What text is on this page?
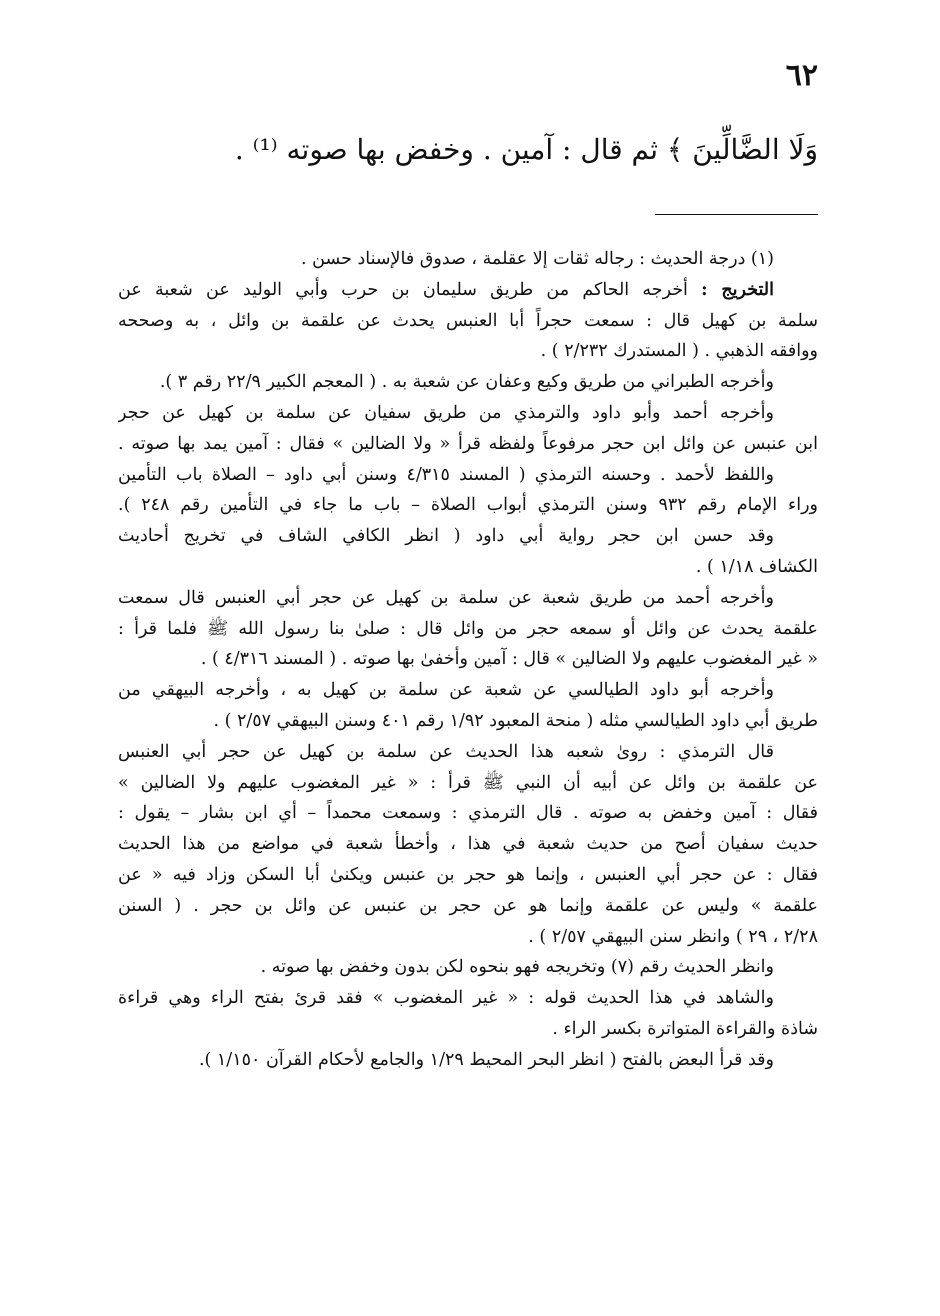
٦٢
وَلَا الضَّالِّينَ ﴾ ثم قال : آمين . وخفض بها صوته ⁽¹⁾ .
(١) درجة الحديث : رجاله ثقات إلا عقلمة ، صدوق فالإسناد حسن .
التخريج : أخرجه الحاكم من طريق سليمان بن حرب وأبي الوليد عن شعبة عن
سلمة بن كهيل قال : سمعت حجراً أبا العنبس يحدث عن علقمة بن وائل ، به وصححه
ووافقه الذهبي . ( المستدرك ٢/٢٣٢ ) .
وأخرجه الطبراني من طريق وكيع وعفان عن شعبة به . ( المعجم الكبير ٢٢/٩ رقم ٣ ).
وأخرجه أحمد وأبو داود والترمذي من طريق سفيان عن سلمة بن كهيل عن حجر
ابن عنبس عن وائل ابن حجر مرفوعاً ولفظه قرأ « ولا الضالين » فقال : آمين يمد بها صوته .
واللفظ لأحمد . وحسنه الترمذي ( المسند ٤/٣١٥ وسنن أبي داود – الصلاة باب التأمين
وراء الإمام رقم ٩٣٢ وسنن الترمذي أبواب الصلاة – باب ما جاء في التأمين رقم ٢٤٨ ).
وقد حسن ابن حجر رواية أبي داود ( انظر الكافي الشاف في تخريج أحاديث
الكشاف ١/١٨ ) .
وأخرجه أحمد من طريق شعبة عن سلمة بن كهيل عن حجر أبي العنبس قال سمعت
علقمة يحدث عن وائل أو سمعه حجر من وائل قال : صلىٰ بنا رسول الله ﷺ فلما قرأ :
« غير المغضوب عليهم ولا الضالين » قال : آمين وأخفىٰ بها صوته . ( المسند ٤/٣١٦ ) .
وأخرجه أبو داود الطيالسي عن شعبة عن سلمة بن كهيل به ، وأخرجه البيهقي من
طريق أبي داود الطيالسي مثله ( منحة المعبود ١/٩٢ رقم ٤٠١ وسنن البيهقي ٢/٥٧ ) .
قال الترمذي : روىٰ شعبه هذا الحديث عن سلمة بن كهيل عن حجر أبي العنبس
عن علقمة بن وائل عن أبيه أن النبي ﷺ قرأ : « غير المغضوب عليهم ولا الضالين »
فقال : آمين وخفض به صوته . قال الترمذي : وسمعت محمداً – أي ابن بشار – يقول :
حديث سفيان أصح من حديث شعبة في هذا ، وأخطأ شعبة في مواضع من هذا الحديث
فقال : عن حجر أبي العنبس ، وإنما هو حجر بن عنبس ويكنىٰ أبا السكن وزاد فيه « عن
علقمة » وليس عن علقمة وإنما هو عن حجر بن عنبس عن وائل بن حجر . ( السنن
٢/٢٨ ، ٢٩ ) وانظر سنن البيهقي ٢/٥٧ ) .
وانظر الحديث رقم (٧) وتخريجه فهو بنحوه لكن بدون وخفض بها صوته .
والشاهد في هذا الحديث قوله : « غير المغضوب » فقد قرئ بفتح الراء وهي قراءة
شاذة والقراءة المتواترة بكسر الراء .
وقد قرأ البعض بالفتح ( انظر البحر المحيط ١/٢٩ والجامع لأحكام القرآن ١/١٥٠ ).
